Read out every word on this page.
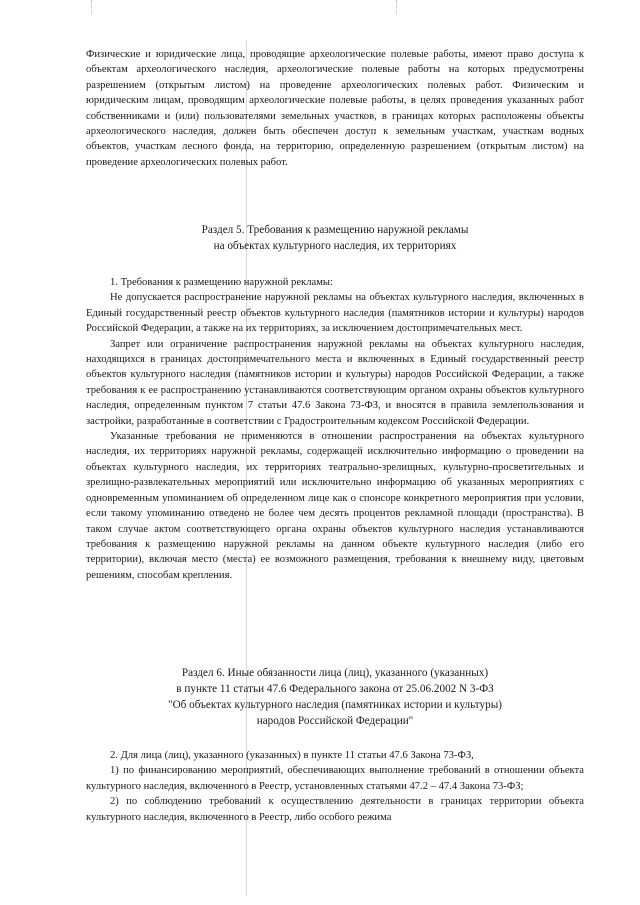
Физические и юридические лица, проводящие археологические полевые работы, имеют право доступа к объектам археологического наследия, археологические полевые работы на которых предусмотрены разрешением (открытым листом) на проведение археологических полевых работ. Физическим и юридическим лицам, проводящим археологические полевые работы, в целях проведения указанных работ собственниками и (или) пользователями земельных участков, в границах которых расположены объекты археологического наследия, должен быть обеспечен доступ к земельным участкам, участкам водных объектов, участкам лесного фонда, на территорию, определенную разрешением (открытым листом) на проведение археологических полевых работ.

Раздел 5. Требования к размещению наружной рекламы
на объектах культурного наследия, их территориях

1. Требования к размещению наружной рекламы:

Не допускается распространение наружной рекламы на объектах культурного наследия, включенных в Единый государственный реестр объектов культурного наследия (памятников истории и культуры) народов Российской Федерации, а также на их территориях, за исключением достопримечательных мест.

Запрет или ограничение распространения наружной рекламы на объектах культурного наследия, находящихся в границах достопримечательного места и включенных в Единый государственный реестр объектов культурного наследия (памятников истории и культуры) народов Российской Федерации, а также требования к ее распространению устанавливаются соответствующим органом охраны объектов культурного наследия, определенным пунктом 7 статьи 47.6 Закона 73-ФЗ, и вносятся в правила землепользования и застройки, разработанные в соответствии с Градостроительным кодексом Российской Федерации.

Указанные требования не применяются в отношении распространения на объектах культурного наследия, их территориях наружной рекламы, содержащей исключительно информацию о проведении на объектах культурного наследия, их территориях театрально-зрелищных, культурно-просветительных и зрелищно-развлекательных мероприятий или исключительно информацию об указанных мероприятиях с одновременным упоминанием об определенном лице как о спонсоре конкретного мероприятия при условии, если такому упоминанию отведено не более чем десять процентов рекламной площади (пространства). В таком случае актом соответствующего органа охраны объектов культурного наследия устанавливаются требования к размещению наружной рекламы на данном объекте культурного наследия (либо его территории), включая место (места) ее возможного размещения, требования к внешнему виду, цветовым решениям, способам крепления.

Раздел 6. Иные обязанности лица (лиц), указанного (указанных)
в пункте 11 статьи 47.6 Федерального закона от 25.06.2002 N 3-ФЗ
"Об объектах культурного наследия (памятниках истории и культуры)
народов Российской Федерации"

2. Для лица (лиц), указанного (указанных) в пункте 11 статьи 47.6 Закона 73-ФЗ,

1) по финансированию мероприятий, обеспечивающих выполнение требований в отношении объекта культурного наследия, включенного в Реестр, установленных статьями 47.2 – 47.4 Закона 73-ФЗ;

2) по соблюдению требований к осуществлению деятельности в границах территории объекта культурного наследия, включенного в Реестр, либо особого режима
